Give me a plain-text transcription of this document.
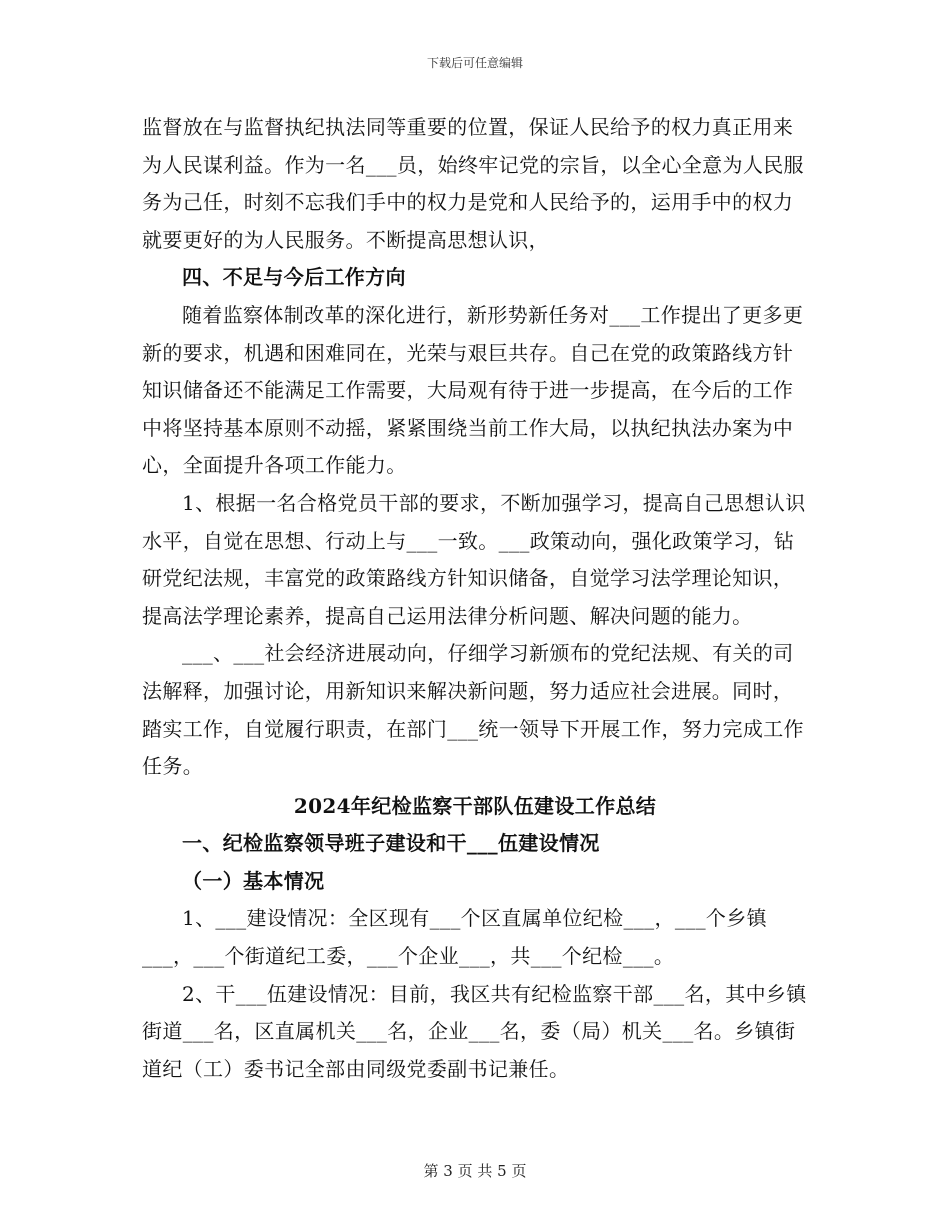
下载后可任意编辑

监督放在与监督执纪执法同等重要的位置，保证人民给予的权力真正用来为人民谋利益。作为一名___员，始终牢记党的宗旨，以全心全意为人民服务为己任，时刻不忘我们手中的权力是党和人民给予的，运用手中的权力就要更好的为人民服务。不断提高思想认识，

四、不足与今后工作方向

随着监察体制改革的深化进行，新形势新任务对___工作提出了更多更新的要求，机遇和困难同在，光荣与艰巨共存。自己在党的政策路线方针知识储备还不能满足工作需要，大局观有待于进一步提高，在今后的工作中将坚持基本原则不动摇，紧紧围绕当前工作大局，以执纪执法办案为中心，全面提升各项工作能力。

1、根据一名合格党员干部的要求，不断加强学习，提高自己思想认识水平，自觉在思想、行动上与___一致。___政策动向，强化政策学习，钻研党纪法规，丰富党的政策路线方针知识储备，自觉学习法学理论知识，提高法学理论素养，提高自己运用法律分析问题、解决问题的能力。

___、___社会经济进展动向，仔细学习新颁布的党纪法规、有关的司法解释，加强讨论，用新知识来解决新问题，努力适应社会进展。同时，踏实工作，自觉履行职责，在部门___统一领导下开展工作，努力完成工作任务。

2024年纪检监察干部队伍建设工作总结

一、纪检监察领导班子建设和干___伍建设情况

（一）基本情况

1、___建设情况：全区现有___个区直属单位纪检___，___个乡镇___，___个街道纪工委，___个企业___，共___个纪检___。

2、干___伍建设情况：目前，我区共有纪检监察干部___名，其中乡镇街道___名，区直属机关___名，企业___名，委（局）机关___名。乡镇街道纪（工）委书记全部由同级党委副书记兼任。

第 3 页 共 5 页
